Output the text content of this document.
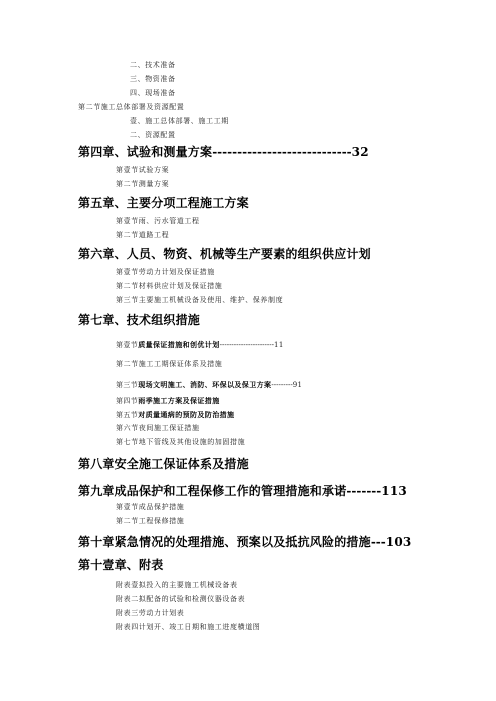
二、技术准备
三、物资准备
四、现场准备
第二节施工总体部署及资源配置
壹、施工总体部署、施工工期
二、资源配置
第四章、试验和测量方案----------------------------32
第壹节试验方案
第二节测量方案
第五章、主要分项工程施工方案
第壹节雨、污水管道工程
第二节道路工程
第六章、人员、物资、机械等生产要素的组织供应计划
第壹节劳动力计划及保证措施
第二节材料供应计划及保证措施
第三节主要施工机械设备及使用、维护、保养制度
第七章、技术组织措施
第壹节质量保证措施和创优计划-----------------------11
第二节施工工期保证体系及措施
第三节现场文明施工、消防、环保以及保卫方案---------91
第四节雨季施工方案及保证措施
第五节对质量通病的预防及防治措施
第六节夜间施工保证措施
第七节地下管线及其他设施的加固措施
第八章安全施工保证体系及措施
第九章成品保护和工程保修工作的管理措施和承诺-------113
第壹节成品保护措施
第二节工程保修措施
第十章紧急情况的处理措施、预案以及抵抗风险的措施---103
第十壹章、附表
附表壹拟投入的主要施工机械设备表
附表二拟配备的试验和检测仪器设备表
附表三劳动力计划表
附表四计划开、竣工日期和施工进度横道图
